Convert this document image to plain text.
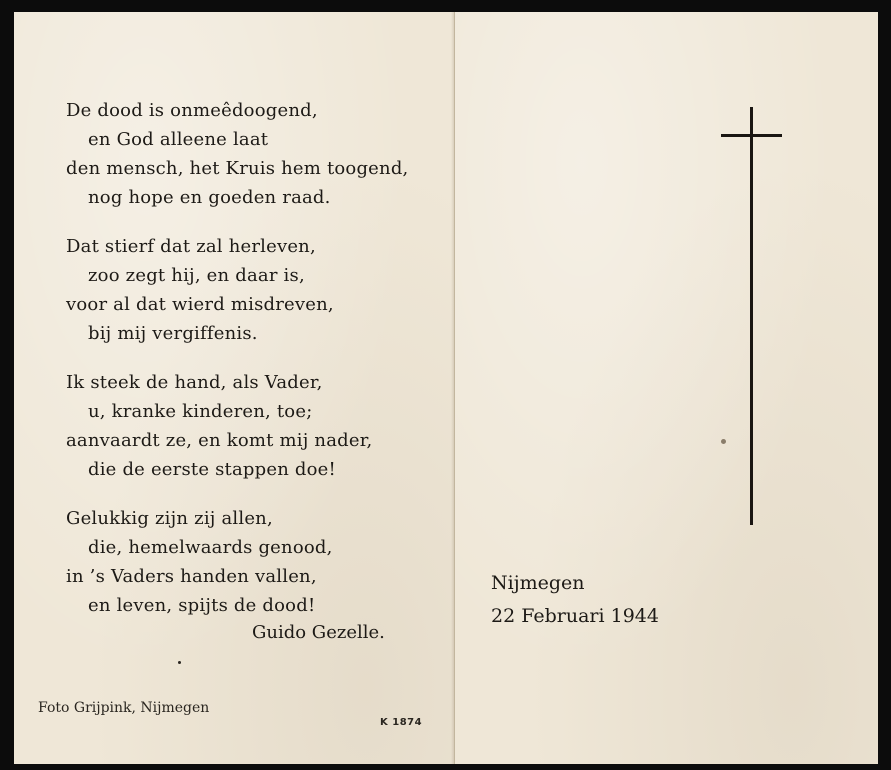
De dood is onmeêdoogend,
en God alleene laat
den mensch, het Kruis hem toogend,
nog hope en goeden raad.
Dat stierf dat zal herleven,
zoo zegt hij, en daar is,
voor al dat wierd misdreven,
bij mij vergiffenis.
Ik steek de hand, als Vader,
u, kranke kinderen, toe;
aanvaardt ze, en komt mij nader,
die de eerste stappen doe!
Gelukkig zijn zij allen,
die, hemelwaards genood,
in ’s Vaders handen vallen,
en leven, spijts de dood!
Guido Gezelle.
Foto Grijpink, Nijmegen
K 1874
Nijmegen
22 Februari 1944
